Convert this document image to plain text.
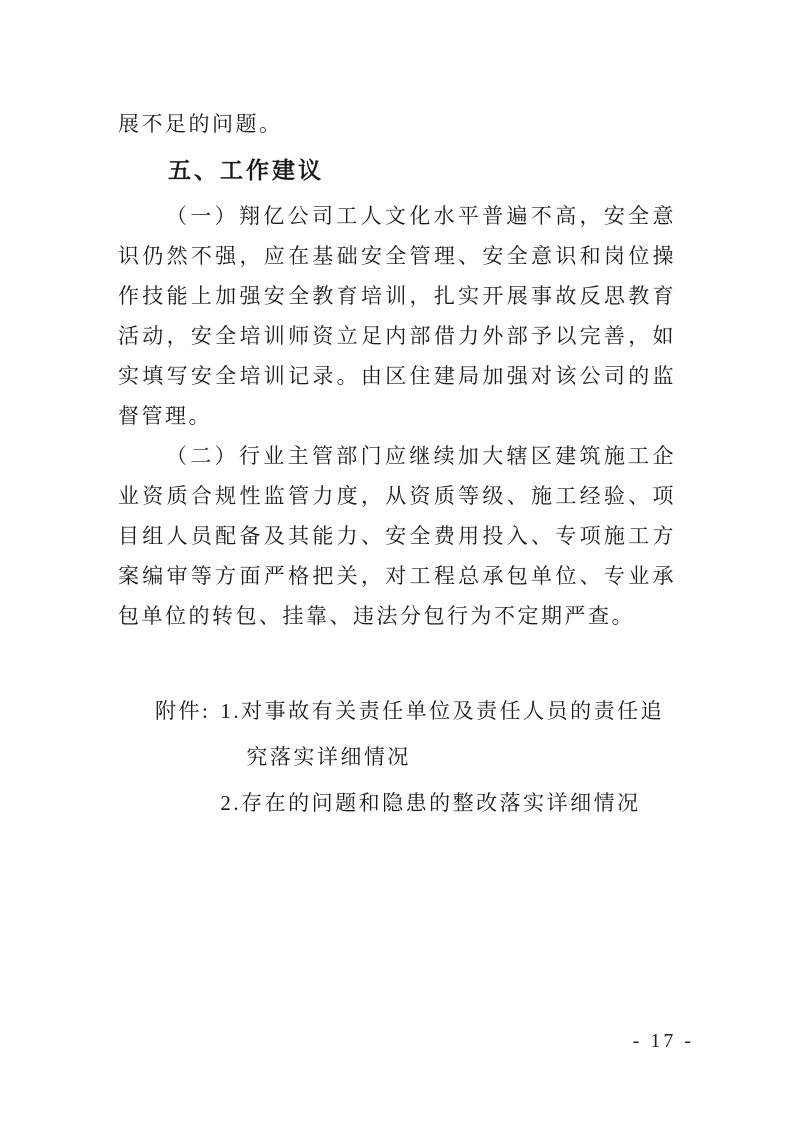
展不足的问题。

五、工作建议

（一）翔亿公司工人文化水平普遍不高，安全意识仍然不强，应在基础安全管理、安全意识和岗位操作技能上加强安全教育培训，扎实开展事故反思教育活动，安全培训师资立足内部借力外部予以完善，如实填写安全培训记录。由区住建局加强对该公司的监督管理。

（二）行业主管部门应继续加大辖区建筑施工企业资质合规性监管力度，从资质等级、施工经验、项目组人员配备及其能力、安全费用投入、专项施工方案编审等方面严格把关，对工程总承包单位、专业承包单位的转包、挂靠、违法分包行为不定期严查。

附件: 1.对事故有关责任单位及责任人员的责任追究落实详细情况
2.存在的问题和隐患的整改落实详细情况
- 17 -
